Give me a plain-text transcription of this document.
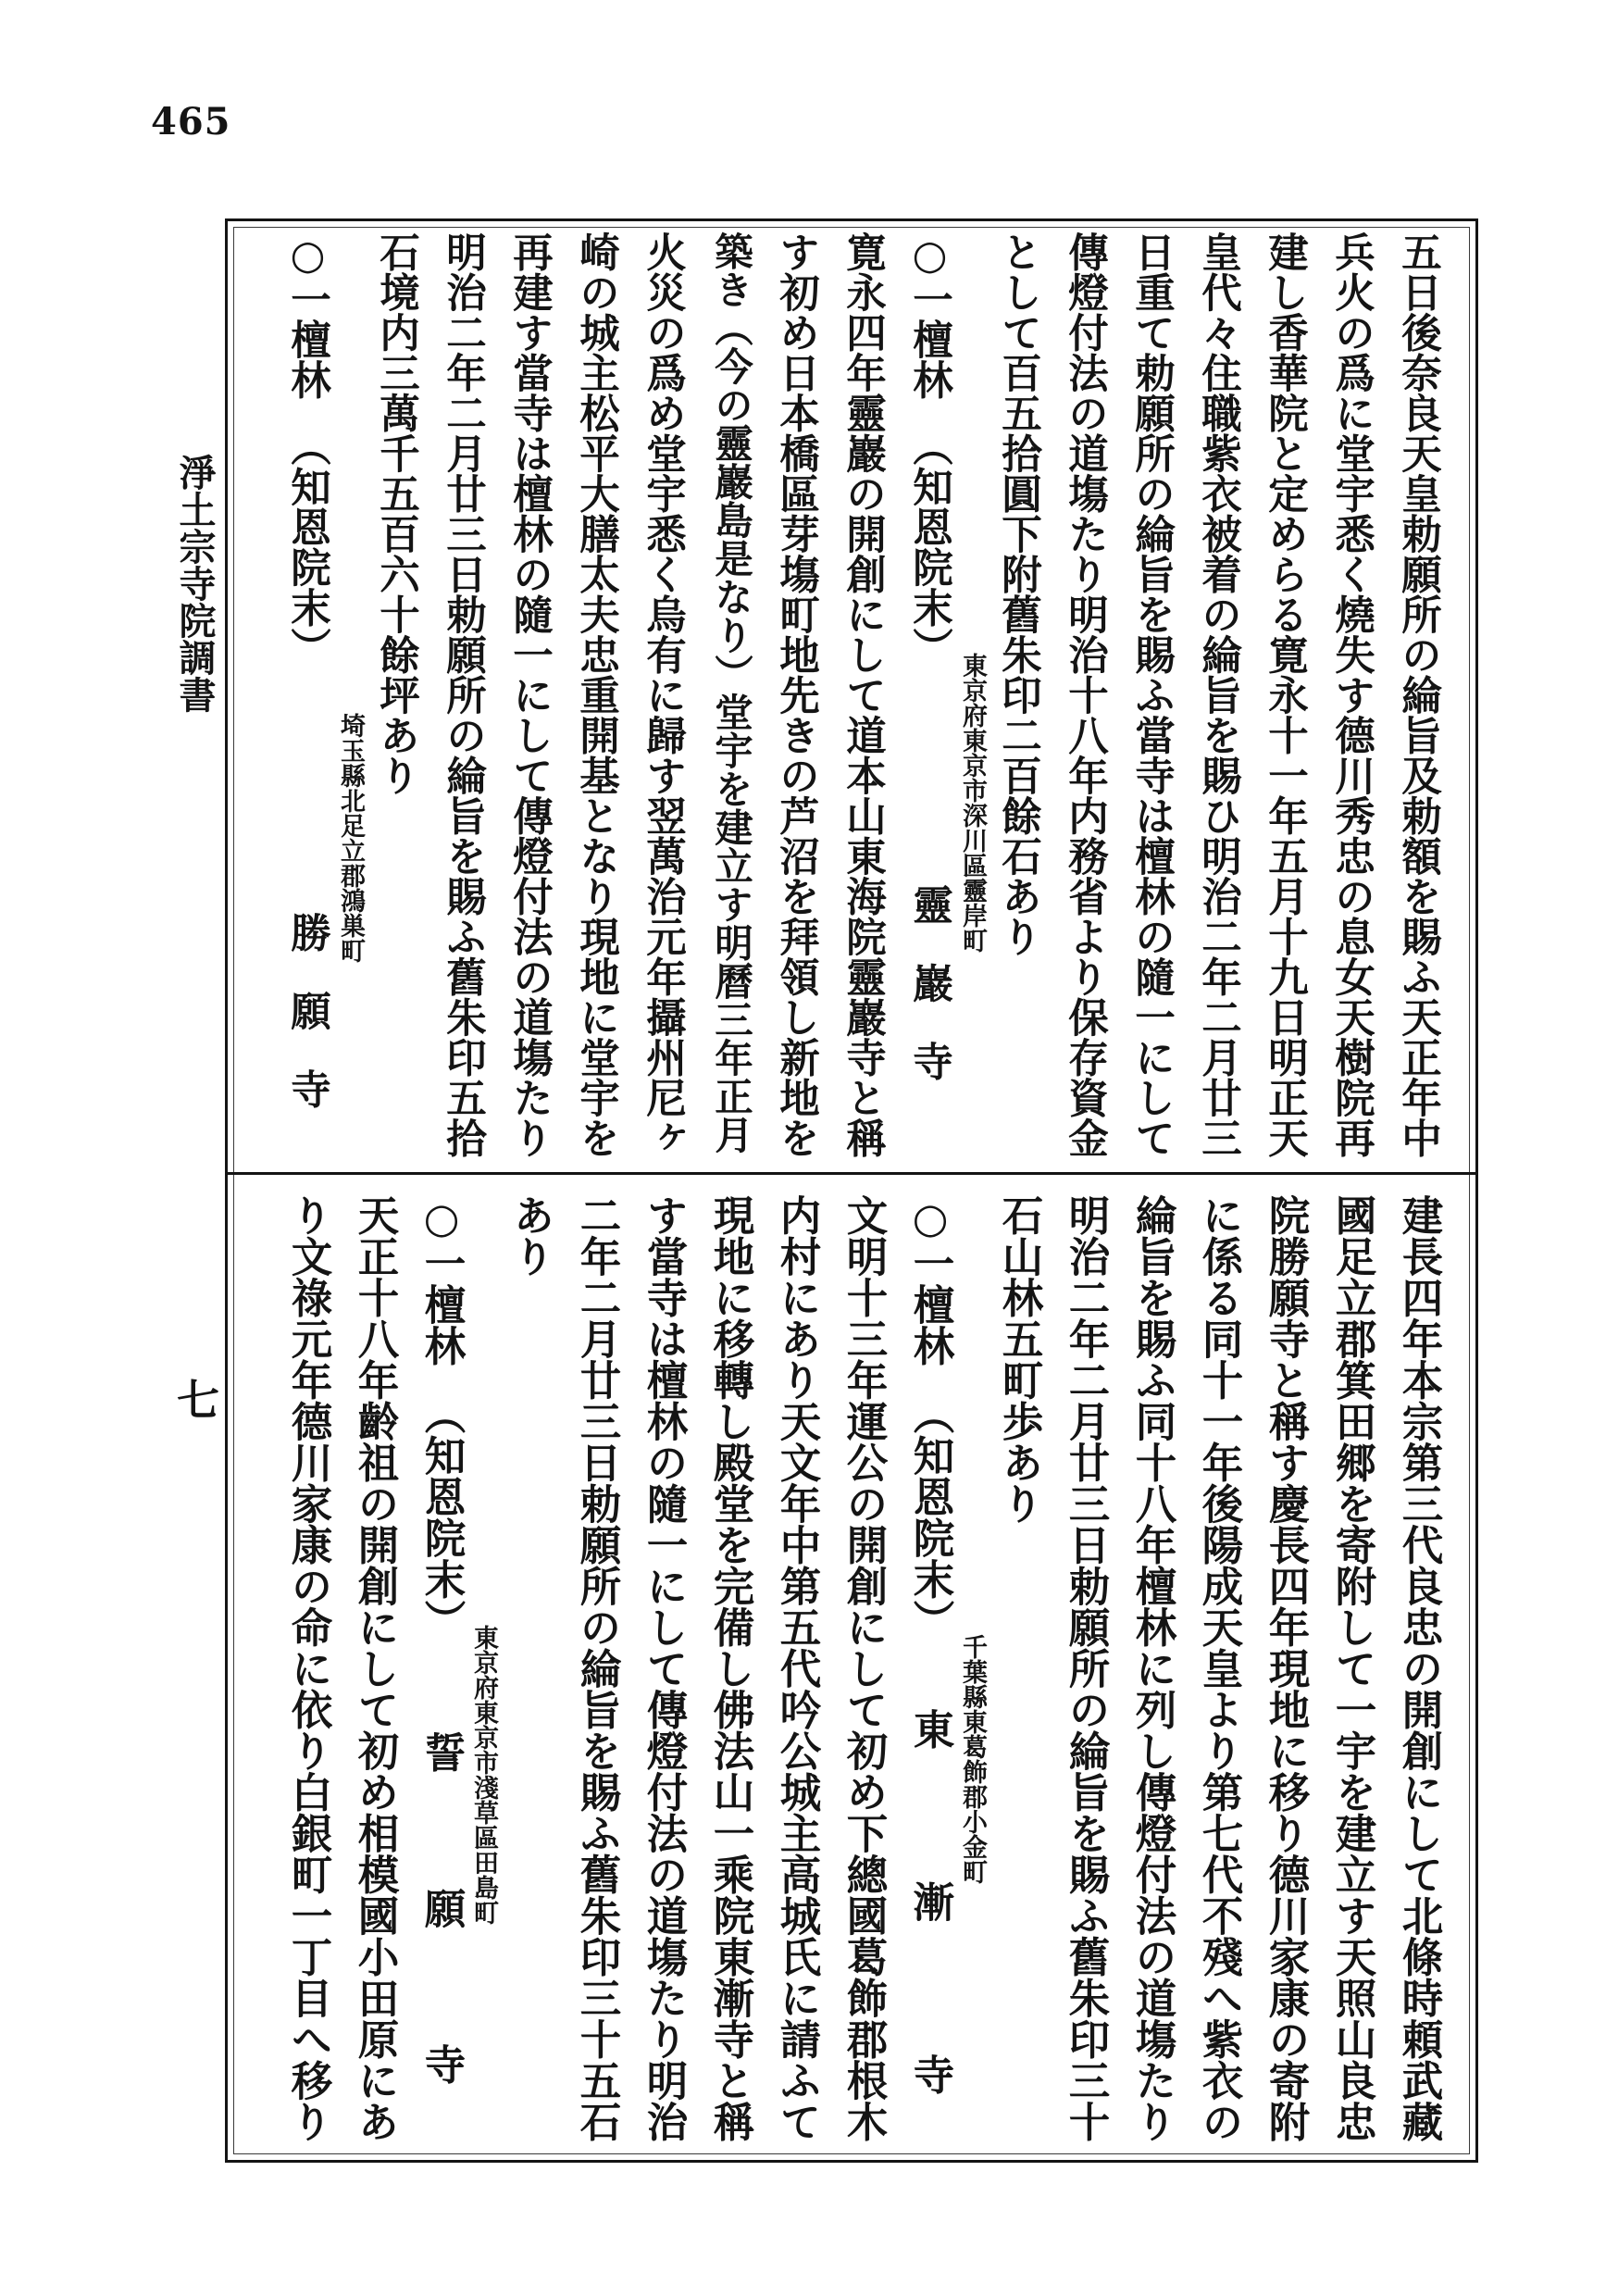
465
淨土宗寺院調書
七
五日後奈良天皇勅願所の綸旨及勅額を賜ふ天正年中
兵火の爲に堂宇悉く燒失す德川秀忠の息女天樹院再
建し香華院と定めらる寛永十一年五月十九日明正天
皇代々住職紫衣被着の綸旨を賜ひ明治二年二月廿三
日重て勅願所の綸旨を賜ふ當寺は檀林の隨一にして
傳燈付法の道塲たり明治十八年内務省より保存資金
として百五拾圓下附舊朱印二百餘石あり
東京府東京市深川區靈岸町
○一檀林
（知恩院末）
靈巖寺
寛永四年靈巖の開創にして道本山東海院靈巖寺と稱
す初め日本橋區芽塲町地先きの芦沼を拜領し新地を
築き（今の靈巖島是なり）堂宇を建立す明曆三年正月
火災の爲め堂宇悉く烏有に歸す翌萬治元年攝州尼ヶ
崎の城主松平大膳太夫忠重開基となり現地に堂宇を
再建す當寺は檀林の隨一にして傳燈付法の道塲たり
明治二年二月廿三日勅願所の綸旨を賜ふ舊朱印五拾
石境内三萬千五百六十餘坪あり
埼玉縣北足立郡鴻巣町
○一檀林
（知恩院末）
勝願寺
建長四年本宗第三代良忠の開創にして北條時頼武藏
國足立郡箕田郷を寄附して一宇を建立す天照山良忠
院勝願寺と稱す慶長四年現地に移り德川家康の寄附
に係る同十一年後陽成天皇より第七代不殘へ紫衣の
綸旨を賜ふ同十八年檀林に列し傳燈付法の道塲たり
明治二年二月廿三日勅願所の綸旨を賜ふ舊朱印三十
石山林五町歩あり
千葉縣東葛飾郡小金町
○一檀林
（知恩院末）
東漸寺
文明十三年運公の開創にして初め下總國葛飾郡根木
内村にあり天文年中第五代吟公城主高城氏に請ふて
現地に移轉し殿堂を完備し佛法山一乘院東漸寺と稱
す當寺は檀林の隨一にして傳燈付法の道塲たり明治
二年二月廿三日勅願所の綸旨を賜ふ舊朱印三十五石
あり
東京府東京市淺草區田島町
○一檀林
（知恩院末）
誓願寺
天正十八年齡祖の開創にして初め相模國小田原にあ
り文祿元年德川家康の命に依り白銀町一丁目へ移り
